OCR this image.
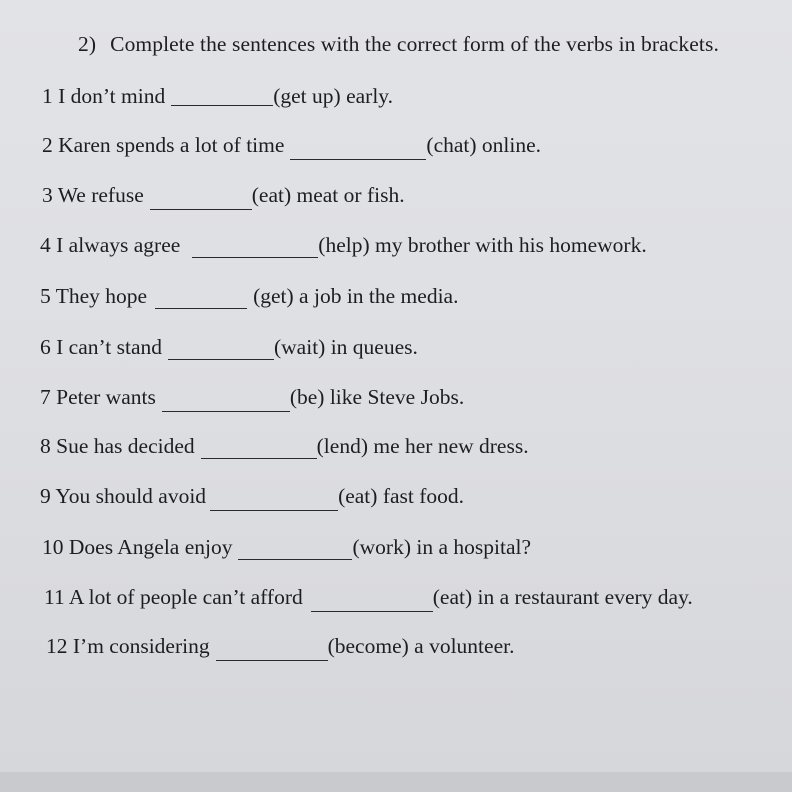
2) Complete the sentences with the correct form of the verbs in brackets.
1 I don’t mind	(get up) early.
2 Karen spends a lot of time	(chat) online.
3 We refuse	(eat) meat or fish.
4 I always agree	(help) my brother with his homework.
5 They hope	(get) a job in the media.
6 I can’t stand	(wait) in queues.
7 Peter wants	(be) like Steve Jobs.
8 Sue has decided	(lend) me her new dress.
9 You should avoid	(eat) fast food.
10 Does Angela enjoy	(work) in a hospital?
11 A lot of people can’t afford	(eat) in a restaurant every day.
12 I’m considering	(become) a volunteer.
